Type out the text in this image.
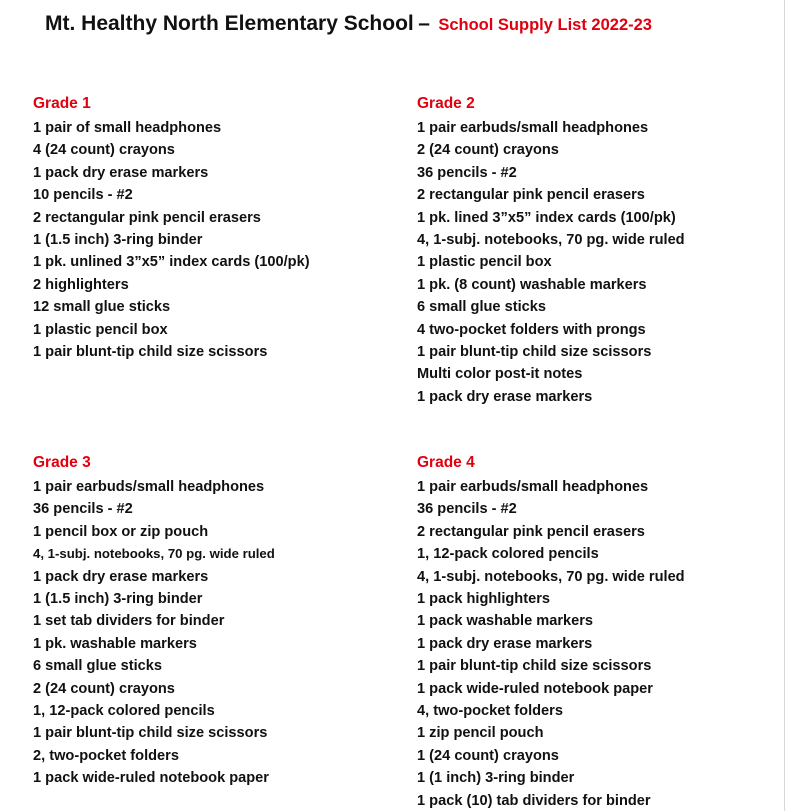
Mt. Healthy North Elementary School – School Supply List 2022-23
Grade 1
1 pair of small headphones
4 (24 count) crayons
1 pack dry erase markers
10 pencils - #2
2 rectangular pink pencil erasers
1 (1.5 inch) 3-ring binder
1 pk. unlined 3”x5” index cards (100/pk)
2 highlighters
12 small glue sticks
1 plastic pencil box
1 pair blunt-tip child size scissors
Grade 2
1 pair earbuds/small headphones
2 (24 count) crayons
36 pencils - #2
2 rectangular pink pencil erasers
1 pk. lined 3”x5” index cards (100/pk)
4, 1-subj. notebooks, 70 pg. wide ruled
1 plastic pencil box
1 pk. (8 count) washable markers
6 small glue sticks
4 two-pocket folders with prongs
1 pair blunt-tip child size scissors
Multi color post-it notes
1 pack dry erase markers
Grade 3
1 pair earbuds/small headphones
36 pencils - #2
1 pencil box or zip pouch
4, 1-subj. notebooks, 70 pg. wide ruled
1 pack dry erase markers
1 (1.5 inch) 3-ring binder
1 set tab dividers for binder
1 pk. washable markers
6 small glue sticks
2 (24 count) crayons
1, 12-pack colored pencils
1 pair blunt-tip child size scissors
2, two-pocket folders
1 pack wide-ruled notebook paper
Grade 4
1 pair earbuds/small headphones
36 pencils - #2
2 rectangular pink pencil erasers
1, 12-pack colored pencils
4, 1-subj. notebooks, 70 pg. wide ruled
1 pack highlighters
1 pack washable markers
1 pack dry erase markers
1 pair blunt-tip child size scissors
1 pack wide-ruled notebook paper
4, two-pocket folders
1 zip pencil pouch
1 (24 count) crayons
1 (1 inch) 3-ring binder
1 pack (10) tab dividers for binder
